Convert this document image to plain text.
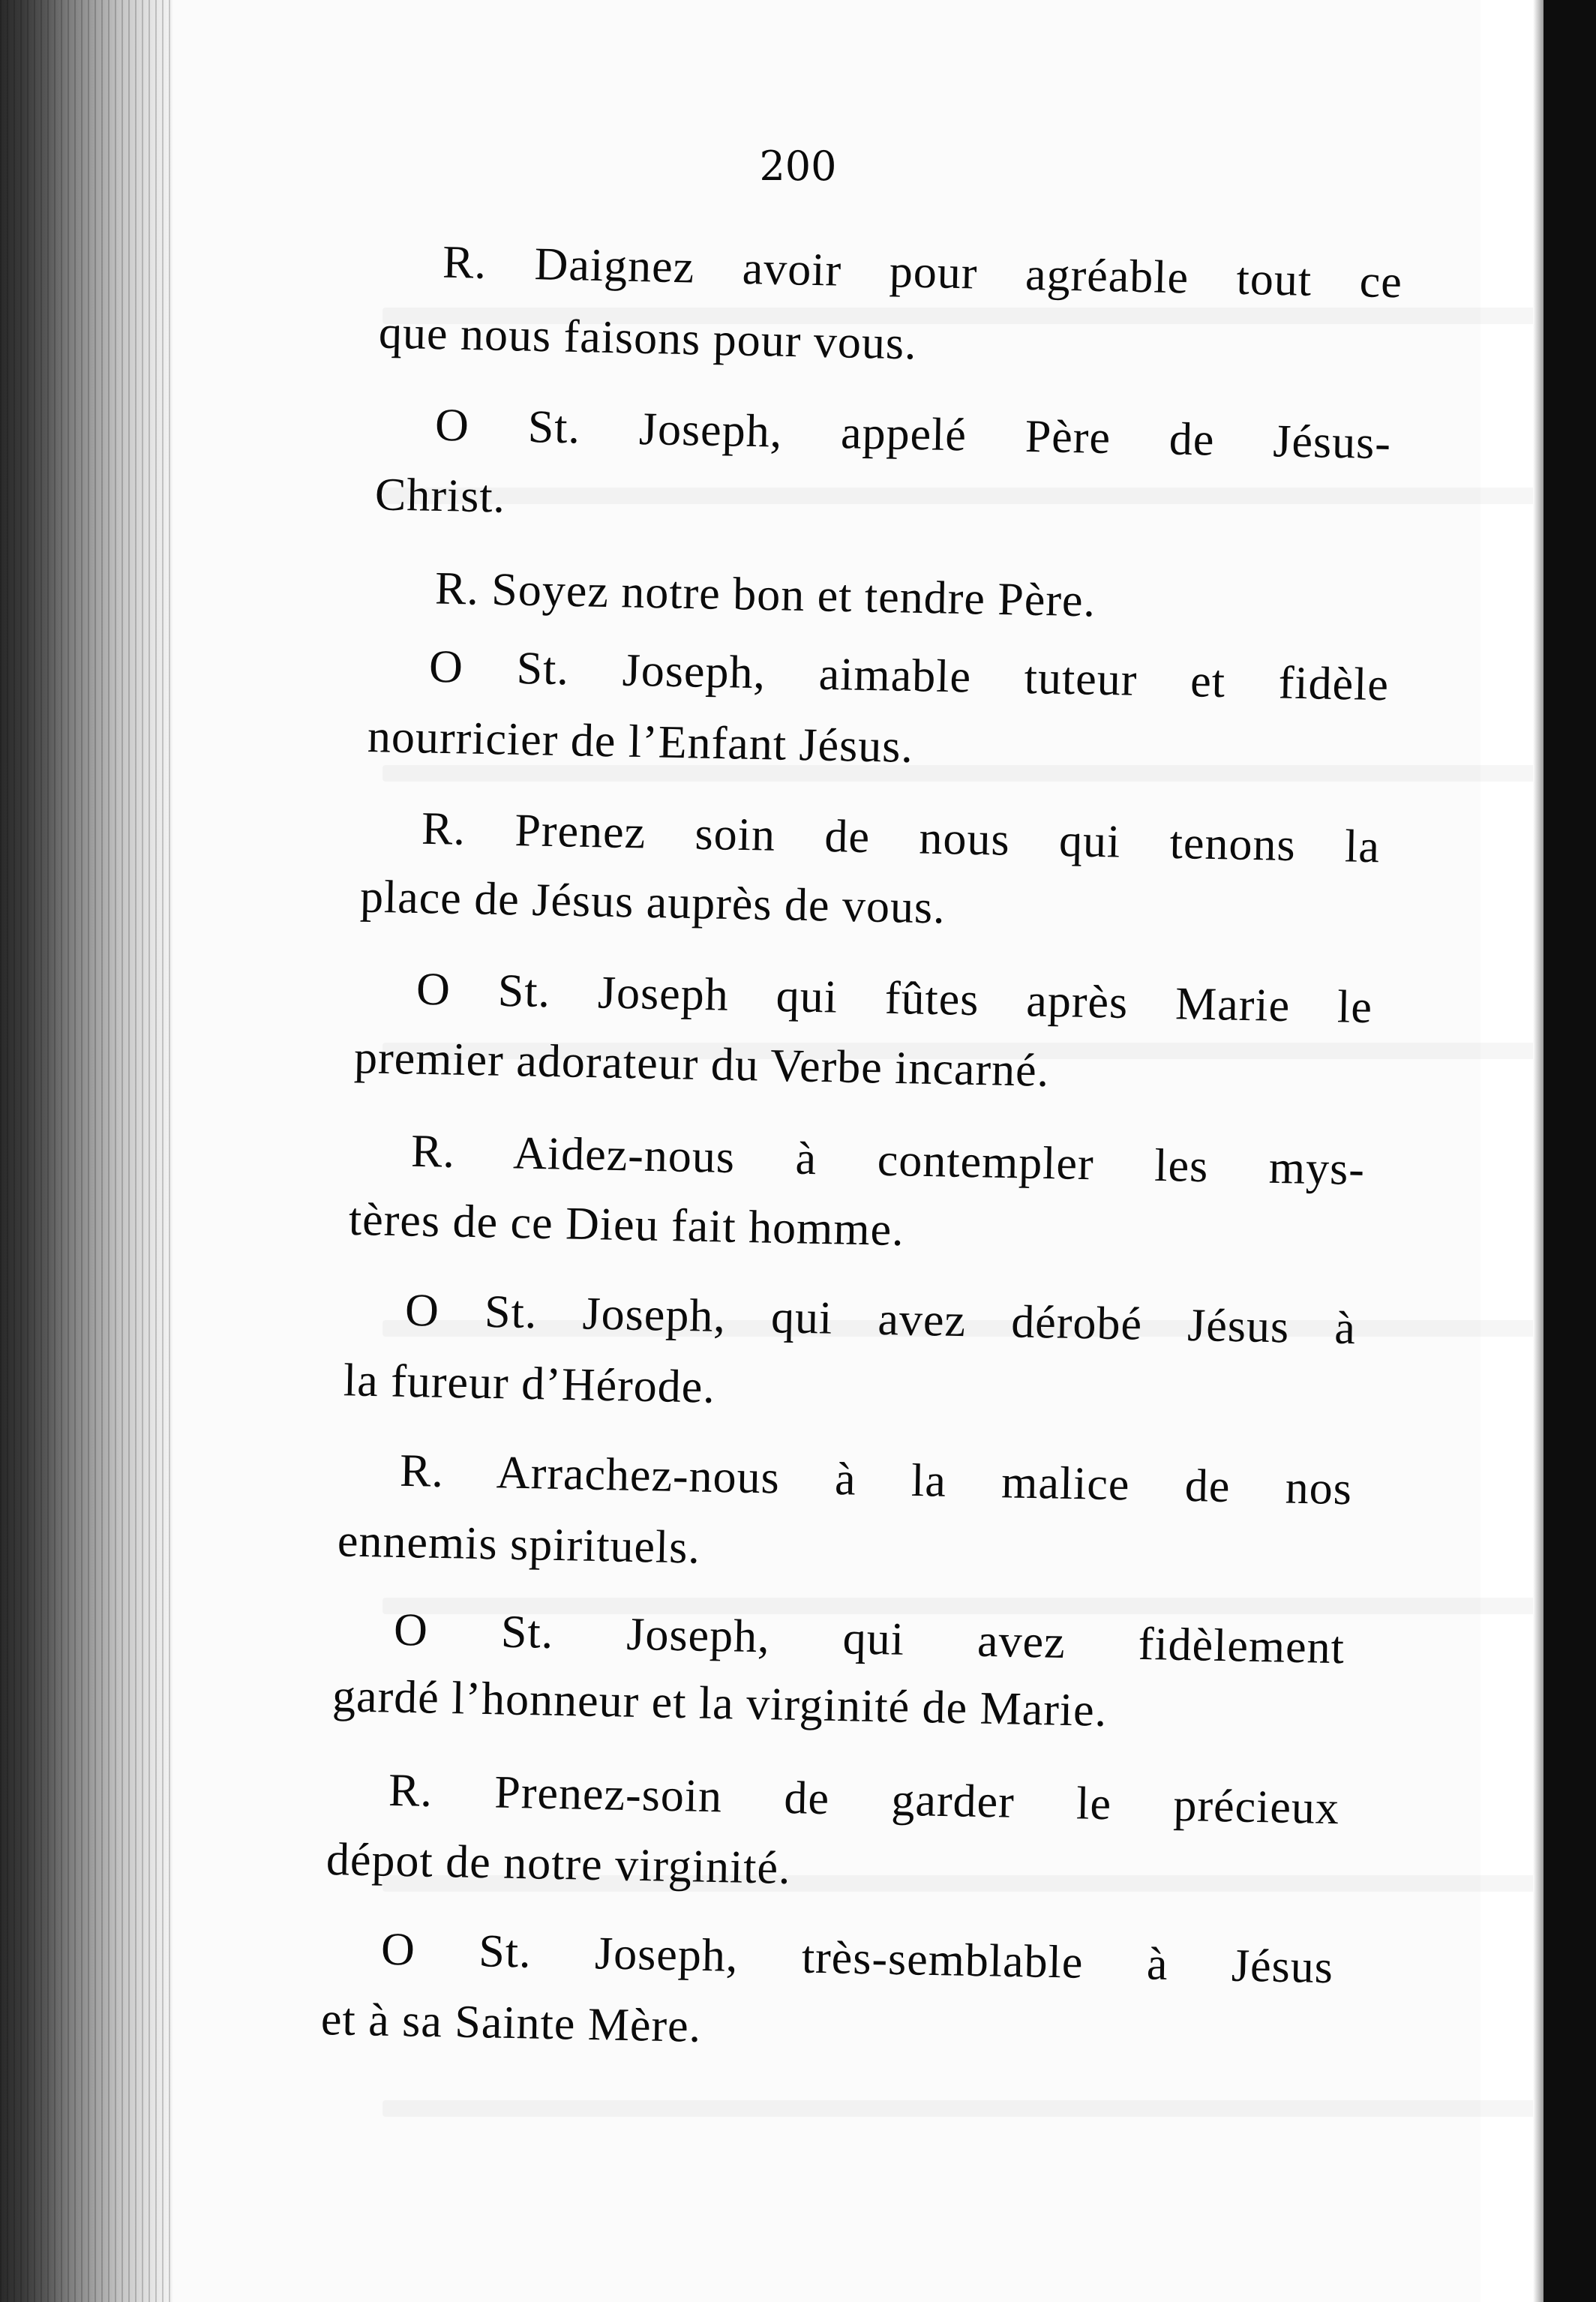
200
R. Daignez avoir pour agréable tout ce
que nous faisons pour vous.
O St. Joseph, appelé Père de Jésus-
Christ.
R. Soyez notre bon et tendre Père.
O St. Joseph, aimable tuteur et fidèle
nourricier de l’Enfant Jésus.
R. Prenez soin de nous qui tenons la
place de Jésus auprès de vous.
O St. Joseph qui fûtes après Marie le
premier adorateur du Verbe incarné.
R. Aidez-nous à contempler les mys-
tères de ce Dieu fait homme.
O St. Joseph, qui avez dérobé Jésus à
la fureur d’Hérode.
R. Arrachez-nous à la malice de nos
ennemis spirituels.
O St. Joseph, qui avez fidèlement
gardé l’honneur et la virginité de Marie.
R. Prenez-soin de garder le précieux
dépot de notre virginité.
O St. Joseph, très-semblable à Jésus
et à sa Sainte Mère.
